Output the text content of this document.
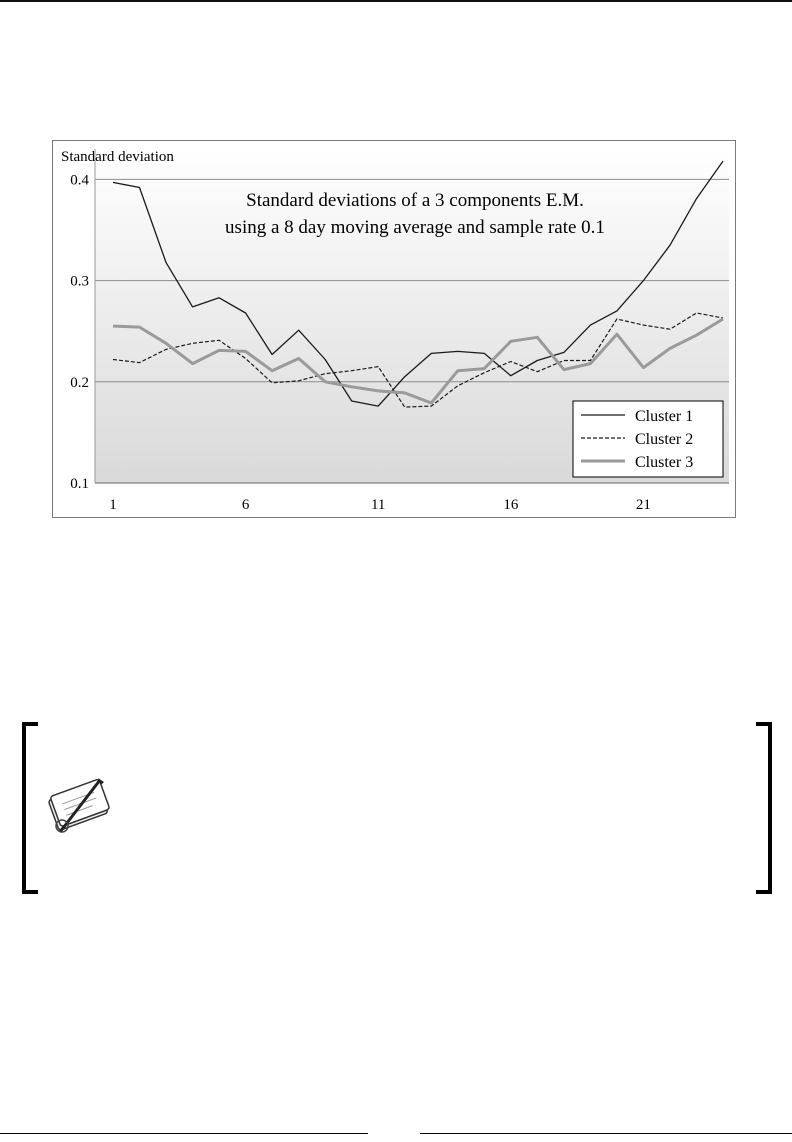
0.1
0.2
0.3
0.4
1	6	11	16	21
Standard deviation
Standard deviations of a 3 components E.M.
using a 8 day moving average and sample rate 0.1
Cluster 1
Cluster 2
Cluster 3
